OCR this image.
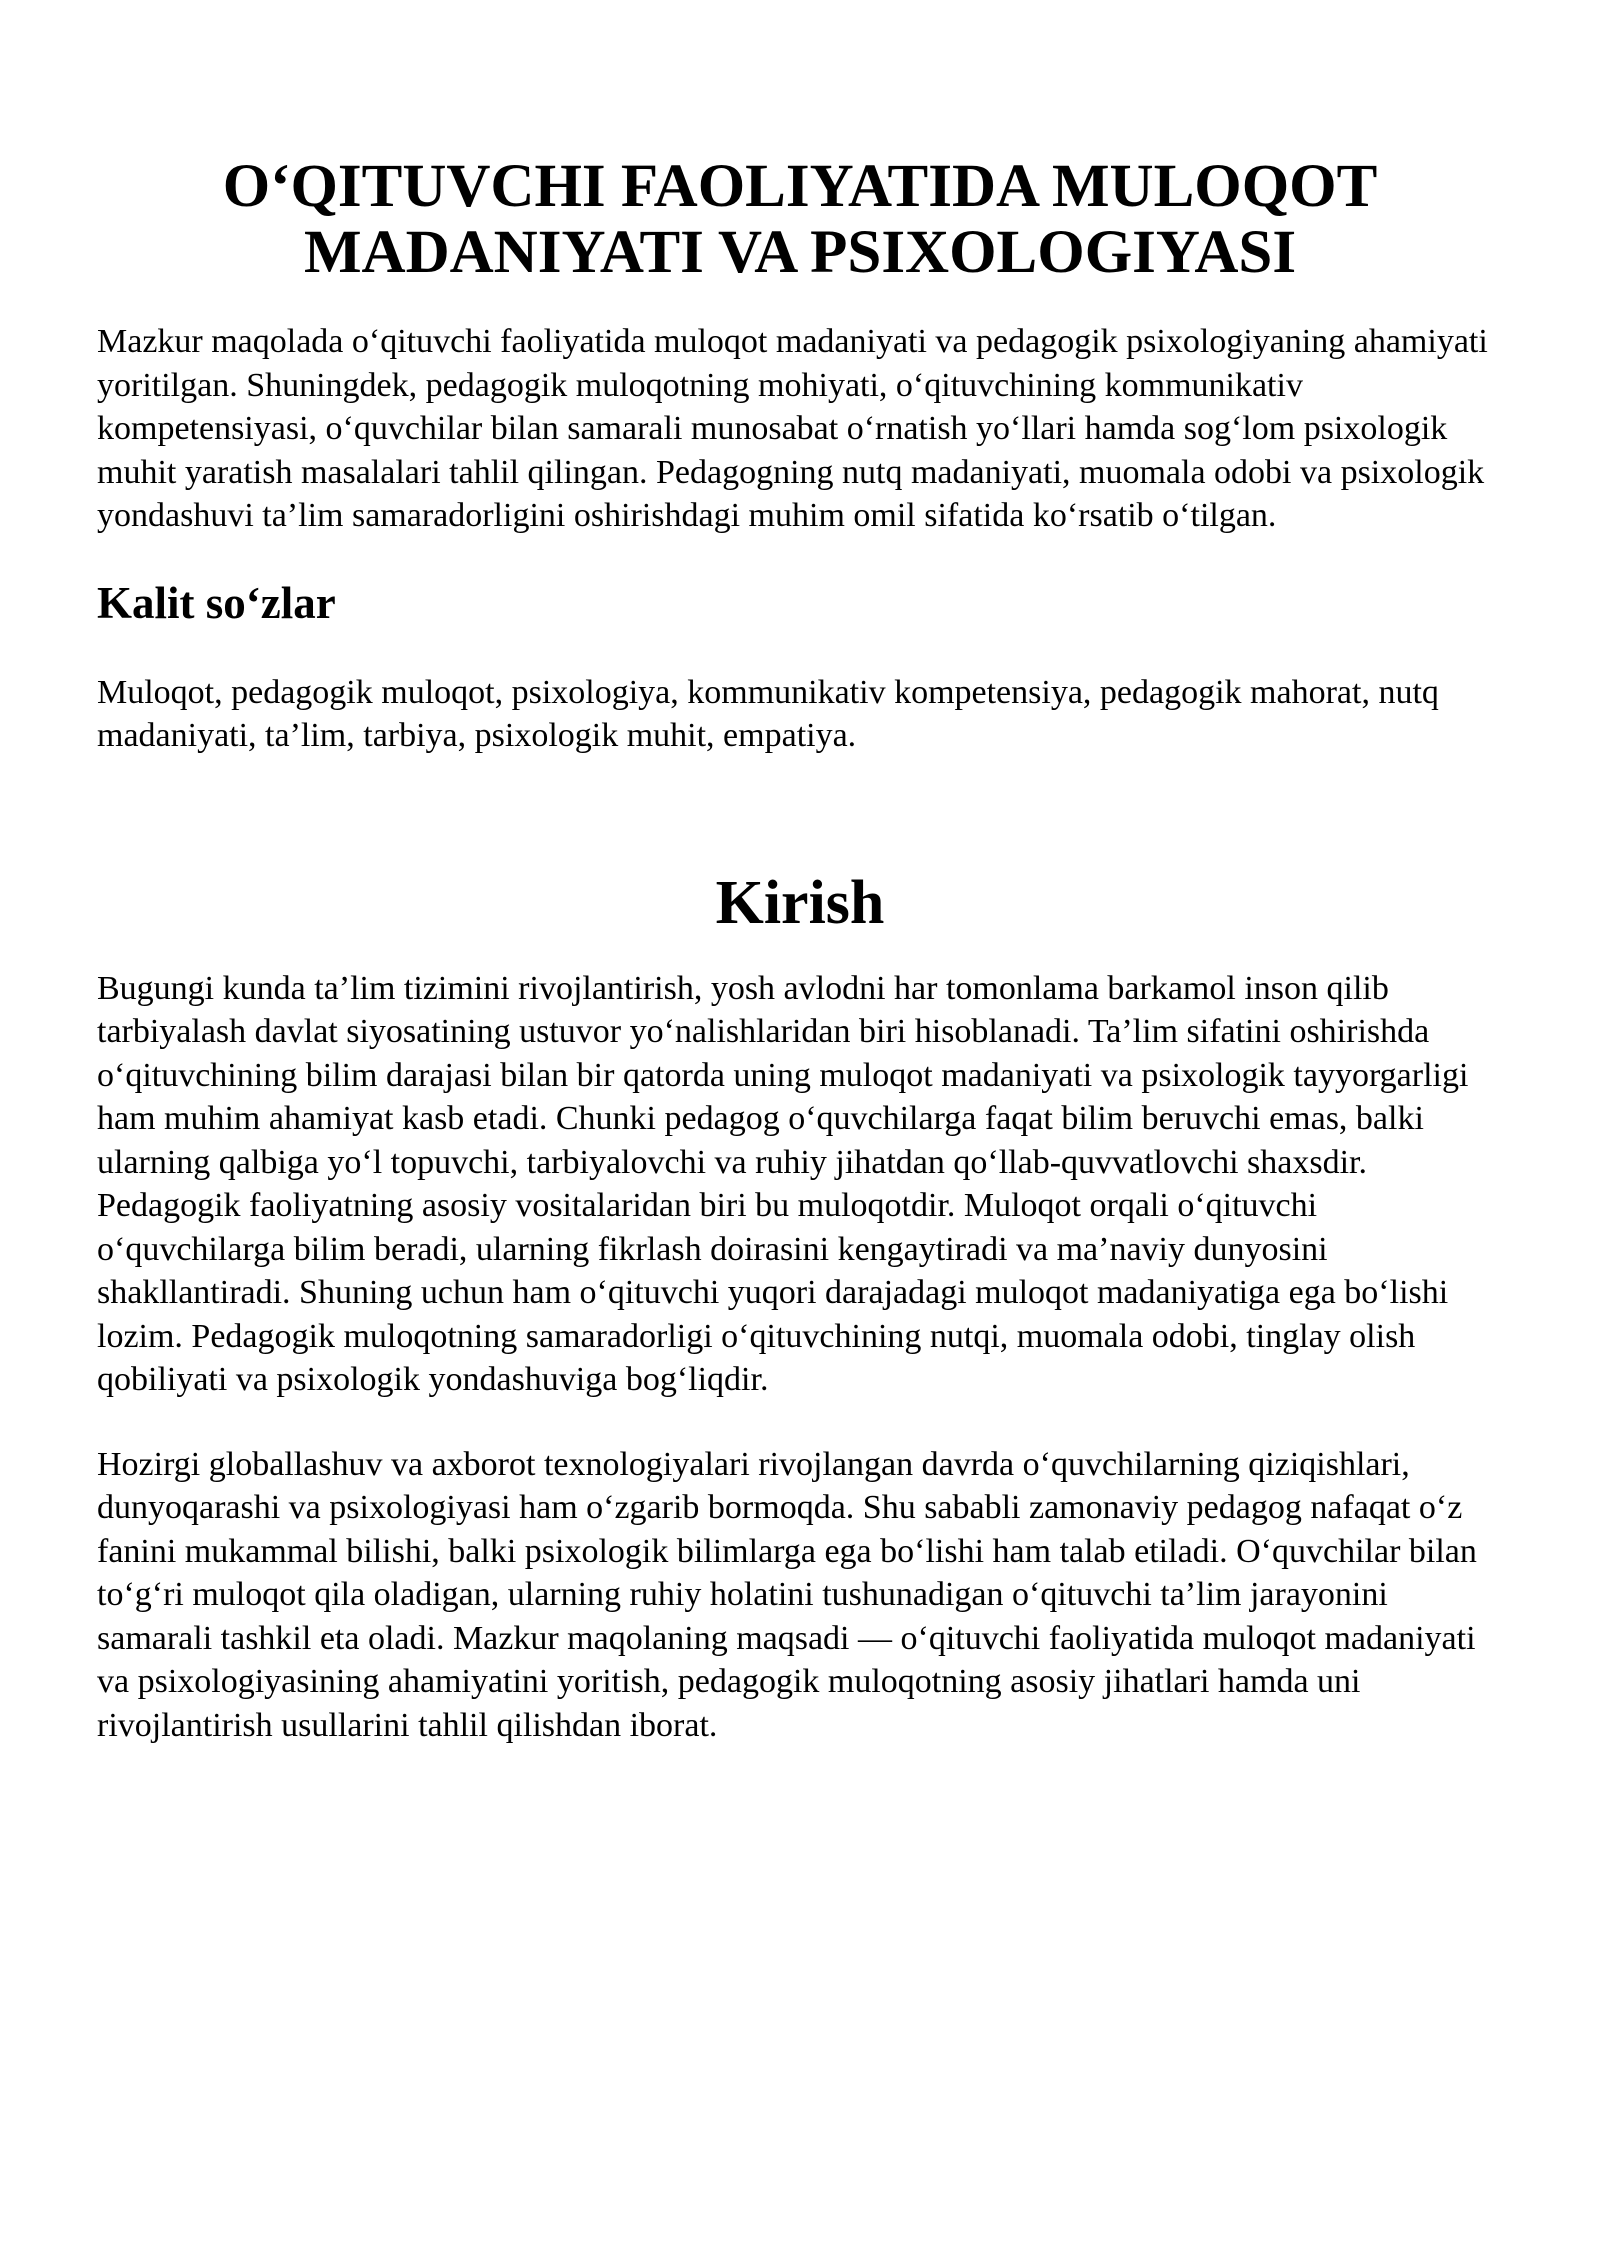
O‘QITUVCHI FAOLIYATIDA MULOQOT MADANIYATI VA PSIXOLOGIYASI

Mazkur maqolada o‘qituvchi faoliyatida muloqot madaniyati va pedagogik psixologiyaning ahamiyati yoritilgan. Shuningdek, pedagogik muloqotning mohiyati, o‘qituvchining kommunikativ kompetensiyasi, o‘quvchilar bilan samarali munosabat o‘rnatish yo‘llari hamda sog‘lom psixologik muhit yaratish masalalari tahlil qilingan. Pedagogning nutq madaniyati, muomala odobi va psixologik yondashuvi ta’lim samaradorligini oshirishdagi muhim omil sifatida ko‘rsatib o‘tilgan.

Kalit so‘zlar

Muloqot, pedagogik muloqot, psixologiya, kommunikativ kompetensiya, pedagogik mahorat, nutq madaniyati, ta’lim, tarbiya, psixologik muhit, empatiya.

Kirish

Bugungi kunda ta’lim tizimini rivojlantirish, yosh avlodni har tomonlama barkamol inson qilib tarbiyalash davlat siyosatining ustuvor yo‘nalishlaridan biri hisoblanadi. Ta’lim sifatini oshirishda o‘qituvchining bilim darajasi bilan bir qatorda uning muloqot madaniyati va psixologik tayyorgarligi ham muhim ahamiyat kasb etadi. Chunki pedagog o‘quvchilarga faqat bilim beruvchi emas, balki ularning qalbiga yo‘l topuvchi, tarbiyalovchi va ruhiy jihatdan qo‘llab-quvvatlovchi shaxsdir. Pedagogik faoliyatning asosiy vositalaridan biri bu muloqotdir. Muloqot orqali o‘qituvchi o‘quvchilarga bilim beradi, ularning fikrlash doirasini kengaytiradi va ma’naviy dunyosini shakllantiradi. Shuning uchun ham o‘qituvchi yuqori darajadagi muloqot madaniyatiga ega bo‘lishi lozim. Pedagogik muloqotning samaradorligi o‘qituvchining nutqi, muomala odobi, tinglay olish qobiliyati va psixologik yondashuviga bog‘liqdir.

Hozirgi globallashuv va axborot texnologiyalari rivojlangan davrda o‘quvchilarning qiziqishlari, dunyoqarashi va psixologiyasi ham o‘zgarib bormoqda. Shu sababli zamonaviy pedagog nafaqat o‘z fanini mukammal bilishi, balki psixologik bilimlarga ega bo‘lishi ham talab etiladi. O‘quvchilar bilan to‘g‘ri muloqot qila oladigan, ularning ruhiy holatini tushunadigan o‘qituvchi ta’lim jarayonini samarali tashkil eta oladi. Mazkur maqolaning maqsadi — o‘qituvchi faoliyatida muloqot madaniyati va psixologiyasining ahamiyatini yoritish, pedagogik muloqotning asosiy jihatlari hamda uni rivojlantirish usullarini tahlil qilishdan iborat.
